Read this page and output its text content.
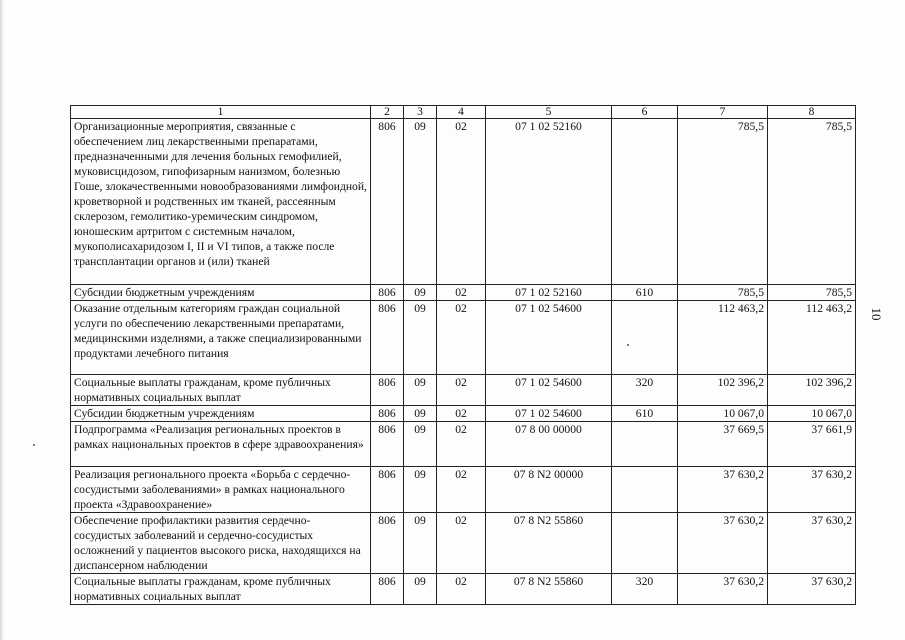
1	2	3	4	5	6	7	8
Организационные мероприятия, связанные с обеспечением лиц лекарственными препаратами, предназначенными для лечения больных гемофилией, муковисцидозом, гипофизарным нанизмом, болезнью Гоше, злокачественными новообразованиями лимфоидной, кроветворной и родственных им тканей, рассеянным склерозом, гемолитико-уремическим синдромом, юношеским артритом с системным началом, мукополисахаридозом I, II и VI типов, а также после трансплантации органов и (или) тканей	806	09	02	07 1 02 52160		785,5	785,5
Субсидии бюджетным учреждениям	806	09	02	07 1 02 52160	610	785,5	785,5
Оказание отдельным категориям граждан социальной услуги по обеспечению лекарственными препаратами, медицинскими изделиями, а также специализированными продуктами лечебного питания	806	09	02	07 1 02 54600		112 463,2	112 463,2
Социальные выплаты гражданам, кроме публичных нормативных социальных выплат	806	09	02	07 1 02 54600	320	102 396,2	102 396,2
Субсидии бюджетным учреждениям	806	09	02	07 1 02 54600	610	10 067,0	10 067,0
Подпрограмма «Реализация региональных проектов в рамках национальных проектов в сфере здравоохранения»	806	09	02	07 8 00 00000		37 669,5	37 661,9
Реализация регионального проекта «Борьба с сердечно-сосудистыми заболеваниями» в рамках национального проекта «Здравоохранение»	806	09	02	07 8 N2 00000		37 630,2	37 630,2
Обеспечение профилактики развития сердечно-сосудистых заболеваний и сердечно-сосудистых осложнений у пациентов высокого риска, находящихся на диспансерном наблюдении	806	09	02	07 8 N2 55860		37 630,2	37 630,2
Социальные выплаты гражданам, кроме публичных нормативных социальных выплат	806	09	02	07 8 N2 55860	320	37 630,2	37 630,2
10
